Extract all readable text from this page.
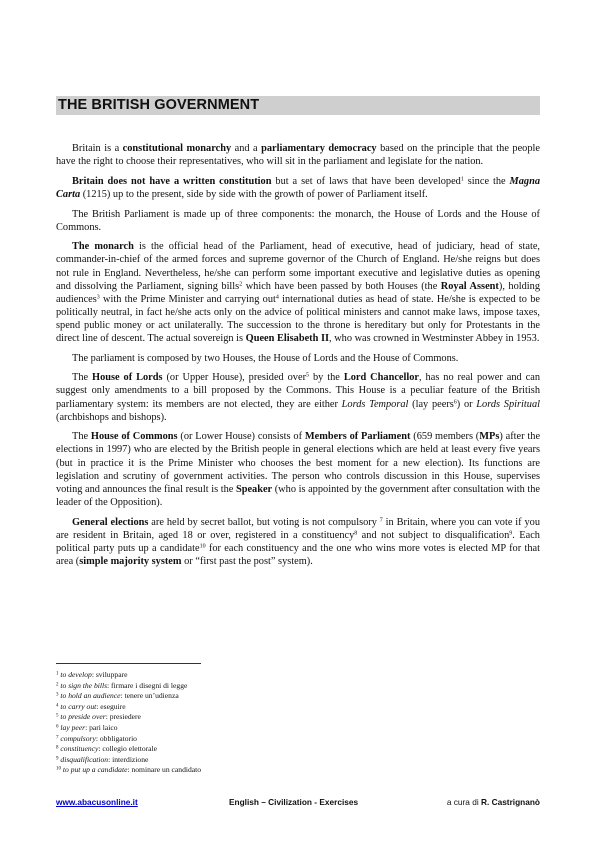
THE BRITISH GOVERNMENT

Britain is a constitutional monarchy and a parliamentary democracy based on the principle that the people have the right to choose their representatives, who will sit in the parliament and legislate for the nation.

Britain does not have a written constitution but a set of laws that have been developed$^1$ since the Magna Carta (1215) up to the present, side by side with the growth of power of Parliament itself.

The British Parliament is made up of three components: the monarch, the House of Lords and the House of Commons.

The monarch is the official head of the Parliament, head of executive, head of judiciary, head of state, commander-in-chief of the armed forces and supreme governor of the Church of England. He/she reigns but does not rule in England. Nevertheless, he/she can perform some important executive and legislative duties as opening and dissolving the Parliament, signing bills$^2$ which have been passed by both Houses (the Royal Assent), holding audiences$^3$ with the Prime Minister and carrying out$^4$ international duties as head of state. He/she is expected to be politically neutral, in fact he/she acts only on the advice of political ministers and cannot make laws, impose taxes, spend public money or act unilaterally. The succession to the throne is hereditary but only for Protestants in the direct line of descent. The actual sovereign is Queen Elisabeth II, who was crowned in Westminster Abbey in 1953.

The parliament is composed by two Houses, the House of Lords and the House of Commons.

The House of Lords (or Upper House), presided over$^5$ by the Lord Chancellor, has no real power and can suggest only amendments to a bill proposed by the Commons. This House is a peculiar feature of the British parliamentary system: its members are not elected, they are either Lords Temporal (lay peers$^6$) or Lords Spiritual (archbishops and bishops).

The House of Commons (or Lower House) consists of Members of Parliament (659 members (MPs) after the elections in 1997) who are elected by the British people in general elections which are held at least every five years (but in practice it is the Prime Minister who chooses the best moment for a new election). Its functions are legislation and scrutiny of government activities. The person who controls discussion in this House, supervises voting and announces the final result is the Speaker (who is appointed by the government after consultation with the leader of the Opposition).

General elections are held by secret ballot, but voting is not compulsory $^7$ in Britain, where you can vote if you are resident in Britain, aged 18 or over, registered in a constituency$^8$ and not subject to disqualification$^9$. Each political party puts up a candidate$^{10}$ for each constituency and the one who wins more votes is elected MP for that area (simple majority system or “first past the post” system).

$^1$ to develop: sviluppare
$^2$ to sign the bills: firmare i disegni di legge
$^3$ to hold an audience: tenere un’udienza
$^4$ to carry out: eseguire
$^5$ to preside over: presiedere
$^6$ lay peer: pari laico
$^7$ compulsory: obbligatorio
$^8$ constituency: collegio elettorale
$^9$ disqualification: interdizione
$^{10}$ to put up a candidate: nominare un candidato
www.abacusonline.it	English – Civilization - Exercises	a cura di R. Castrignanò
